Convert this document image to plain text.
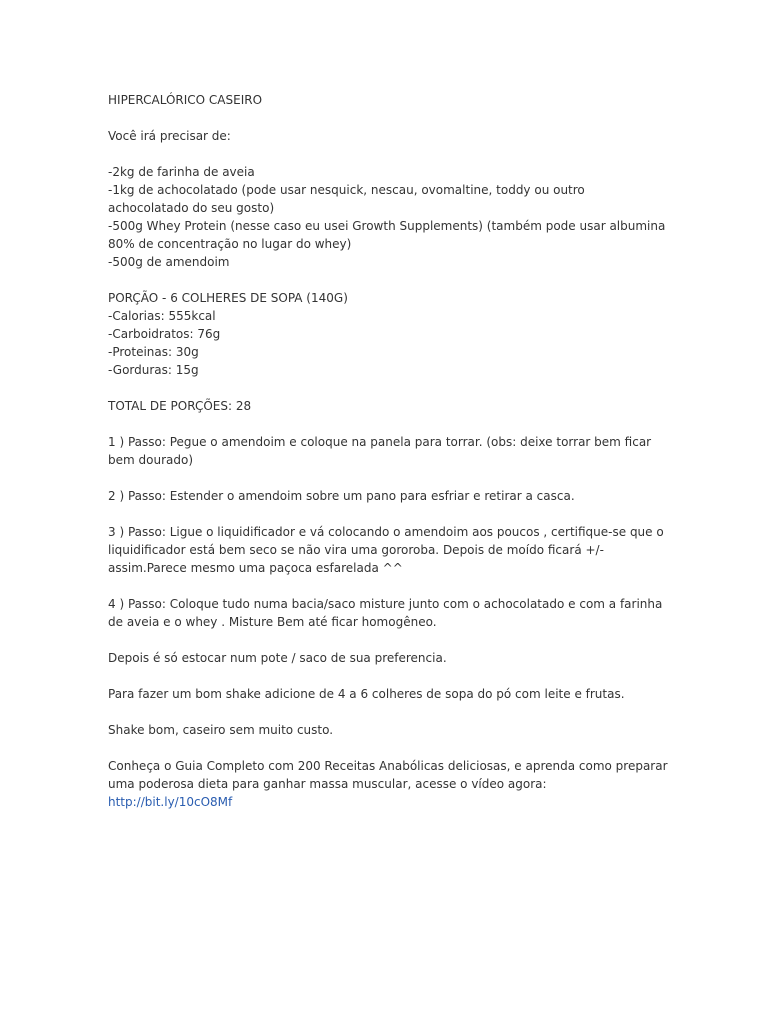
HIPERCALÓRICO CASEIRO

Você irá precisar de:

-2kg de farinha de aveia
-1kg de achocolatado (pode usar nesquick, nescau, ovomaltine, toddy ou outro achocolatado do seu gosto)
-500g Whey Protein (nesse caso eu usei Growth Supplements) (também pode usar albumina 80% de concentração no lugar do whey)
-500g de amendoim

PORÇÃO - 6 COLHERES DE SOPA (140G)
-Calorias: 555kcal
-Carboidratos: 76g
-Proteinas: 30g
-Gorduras: 15g

TOTAL DE PORÇÕES: 28

1 ) Passo: Pegue o amendoim e coloque na panela para torrar. (obs: deixe torrar bem ficar bem dourado)

2 ) Passo: Estender o amendoim sobre um pano para esfriar e retirar a casca.

3 ) Passo: Ligue o liquidificador e vá colocando o amendoim aos poucos , certifique-se que o liquidificador está bem seco se não vira uma gororoba. Depois de moído ficará +/- assim.Parece mesmo uma paçoca esfarelada ^^

4 ) Passo: Coloque tudo numa bacia/saco misture junto com o achocolatado e com a farinha de aveia e o whey . Misture Bem até ficar homogêneo.

Depois é só estocar num pote / saco de sua preferencia.

Para fazer um bom shake adicione de 4 a 6 colheres de sopa do pó com leite e frutas.

Shake bom, caseiro sem muito custo.

Conheça o Guia Completo com 200 Receitas Anabólicas deliciosas, e aprenda como preparar uma poderosa dieta para ganhar massa muscular, acesse o vídeo agora: http://bit.ly/10cO8Mf
